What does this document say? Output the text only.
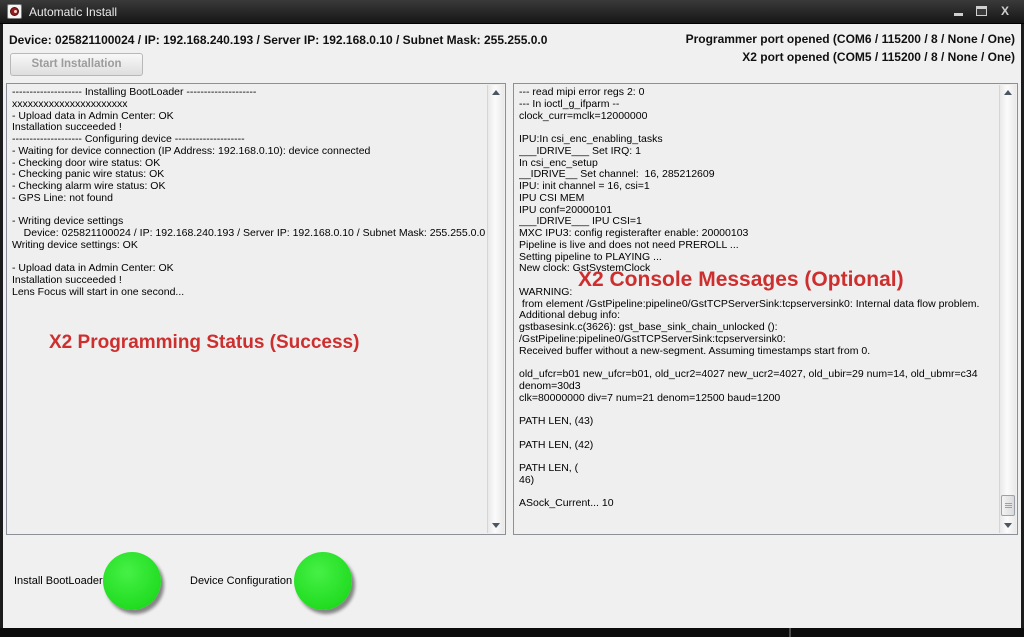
Automatic Install	X
Device: 025821100024 / IP: 192.168.240.193 / Server IP: 192.168.0.10 / Subnet Mask: 255.255.0.0	Programmer port opened (COM6 / 115200 / 8 / None / One)
X2 port opened (COM5 / 115200 / 8 / None / One)
Start Installation
-------------------- Installing BootLoader --------------------
xxxxxxxxxxxxxxxxxxxxxx
- Upload data in Admin Center: OK
Installation succeeded !
-------------------- Configuring device --------------------
- Waiting for device connection (IP Address: 192.168.0.10): device connected
- Checking door wire status: OK
- Checking panic wire status: OK
- Checking alarm wire status: OK
- GPS Line: not found
- Writing device settings
Device: 025821100024 / IP: 192.168.240.193 / Server IP: 192.168.0.10 / Subnet Mask: 255.255.0.0
Writing device settings: OK
- Upload data in Admin Center: OK
Installation succeeded !
Lens Focus will start in one second...
X2 Programming Status (Success)
--- read mipi error regs 2: 0
--- In ioctl_g_ifparm --
clock_curr=mclk=12000000
IPU:In csi_enc_enabling_tasks
___IDRIVE___ Set IRQ: 1
In csi_enc_setup
__IDRIVE__ Set channel:  16, 285212609
IPU: init channel = 16, csi=1
IPU CSI MEM
IPU conf=20000101
___IDRIVE___ IPU CSI=1
MXC IPU3: config registerafter enable: 20000103
Pipeline is live and does not need PREROLL ...
Setting pipeline to PLAYING ...
New clock: GstSystemClock
WARNING:
from element /GstPipeline:pipeline0/GstTCPServerSink:tcpserversink0: Internal data flow problem.
Additional debug info:
gstbasesink.c(3626): gst_base_sink_chain_unlocked ():
/GstPipeline:pipeline0/GstTCPServerSink:tcpserversink0:
Received buffer without a new-segment. Assuming timestamps start from 0.
old_ufcr=b01 new_ufcr=b01, old_ucr2=4027 new_ucr2=4027, old_ubir=29 num=14, old_ubmr=c34
denom=30d3
clk=80000000 div=7 num=21 denom=12500 baud=1200
PATH LEN, (43)
PATH LEN, (42)
PATH LEN, (
46)
ASock_Current... 10
X2 Console Messages (Optional)
Install BootLoader	Device Configuration
